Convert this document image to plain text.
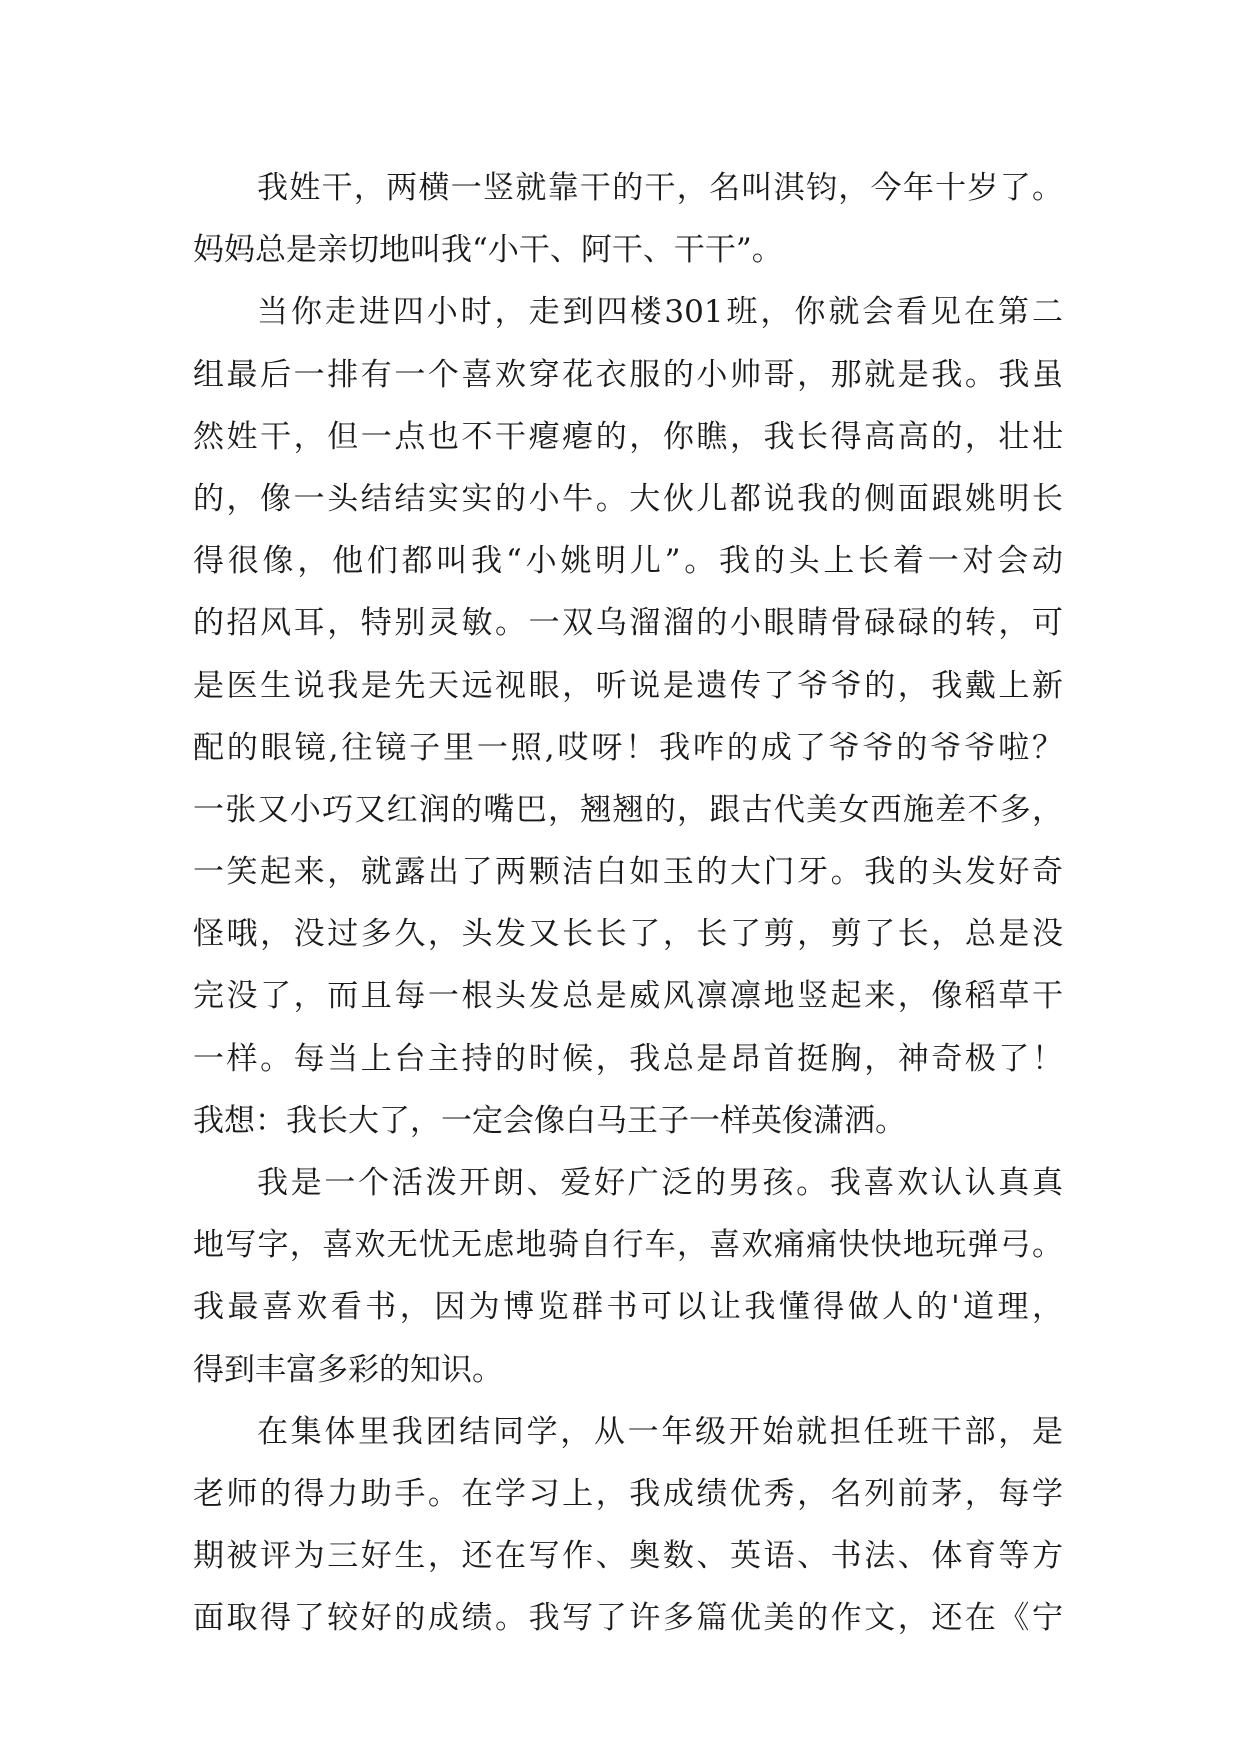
我姓干，两横一竖就靠干的干，名叫淇钧，今年十岁了。
妈妈总是亲切地叫我“小干、阿干、干干”。
当你走进四小时，走到四楼301班，你就会看见在第二
组最后一排有一个喜欢穿花衣服的小帅哥，那就是我。我虽
然姓干，但一点也不干瘪瘪的，你瞧，我长得高高的，壮壮
的，像一头结结实实的小牛。大伙儿都说我的侧面跟姚明长
得很像，他们都叫我“小姚明儿”。我的头上长着一对会动
的招风耳，特别灵敏。一双乌溜溜的小眼睛骨碌碌的转，可
是医生说我是先天远视眼，听说是遗传了爷爷的，我戴上新
配的眼镜,往镜子里一照,哎呀！我咋的成了爷爷的爷爷啦？
一张又小巧又红润的嘴巴，翘翘的，跟古代美女西施差不多，
一笑起来，就露出了两颗洁白如玉的大门牙。我的头发好奇
怪哦，没过多久，头发又长长了，长了剪，剪了长，总是没
完没了，而且每一根头发总是威风凛凛地竖起来，像稻草干
一样。每当上台主持的时候，我总是昂首挺胸，神奇极了！
我想：我长大了，一定会像白马王子一样英俊潇洒。
我是一个活泼开朗、爱好广泛的男孩。我喜欢认认真真
地写字，喜欢无忧无虑地骑自行车，喜欢痛痛快快地玩弹弓。
我最喜欢看书，因为博览群书可以让我懂得做人的'道理，
得到丰富多彩的知识。
在集体里我团结同学，从一年级开始就担任班干部，是
老师的得力助手。在学习上，我成绩优秀，名列前茅，每学
期被评为三好生，还在写作、奥数、英语、书法、体育等方
面取得了较好的成绩。我写了许多篇优美的作文，还在《宁
